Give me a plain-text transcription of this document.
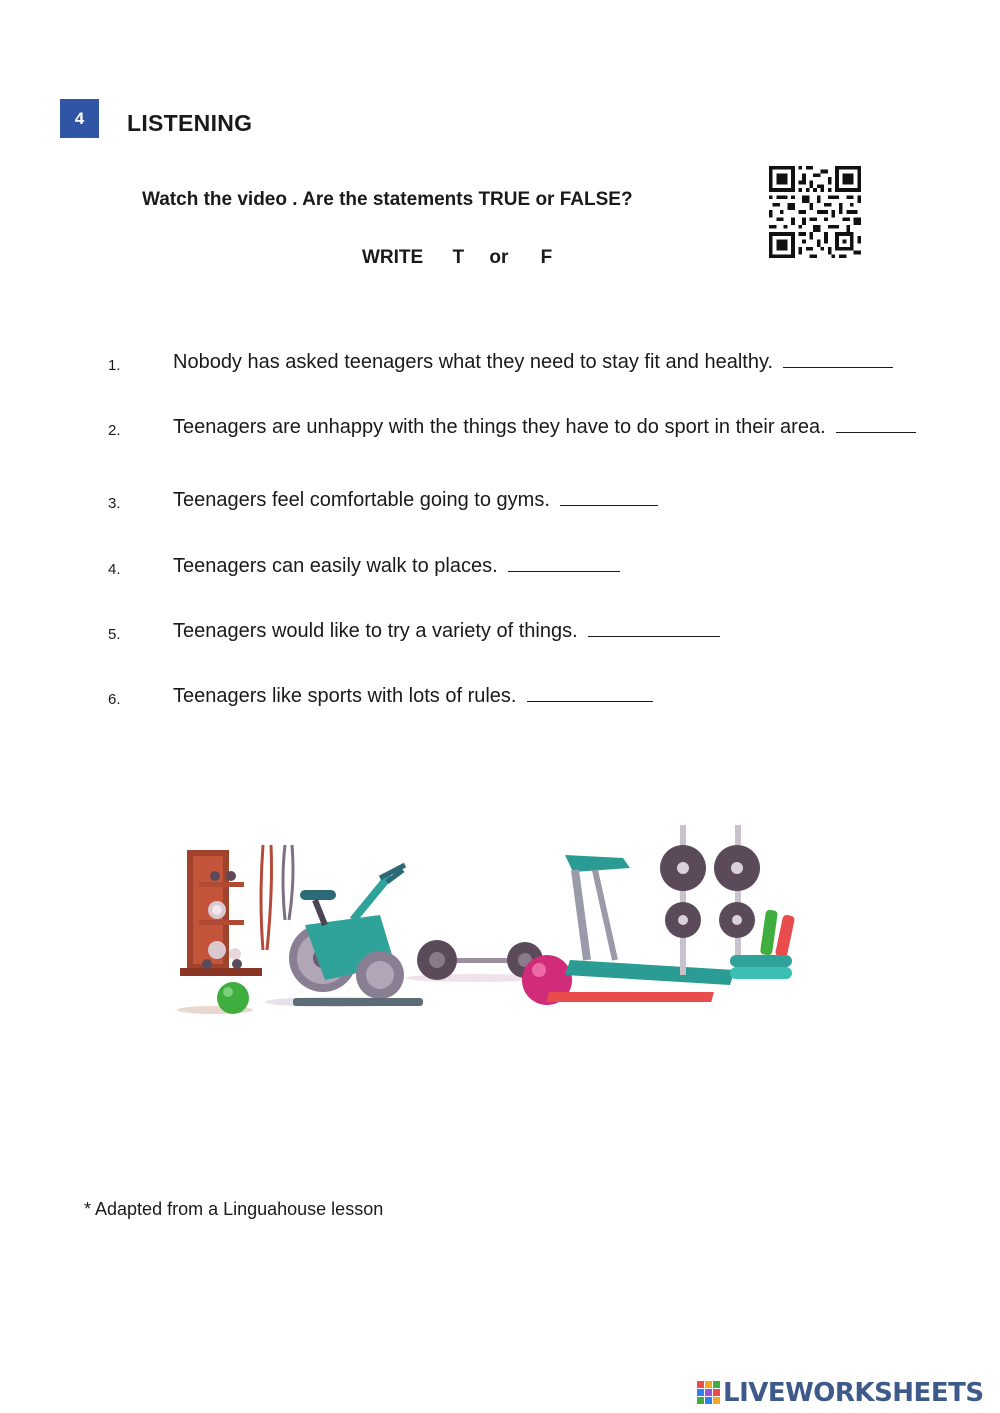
4	LISTENING
Watch the video . Are the statements TRUE or FALSE?
WRITE T or F
1.	Nobody has asked teenagers what they need to stay fit and healthy.
2.	Teenagers are unhappy with the things they have to do sport in their area.
3.	Teenagers feel comfortable going to gyms.
4.	Teenagers can easily walk to places.
5.	Teenagers would like to try a variety of things.
6.	Teenagers like sports with lots of rules.
* Adapted from a Linguahouse lesson
LIVEWORKSHEETS
